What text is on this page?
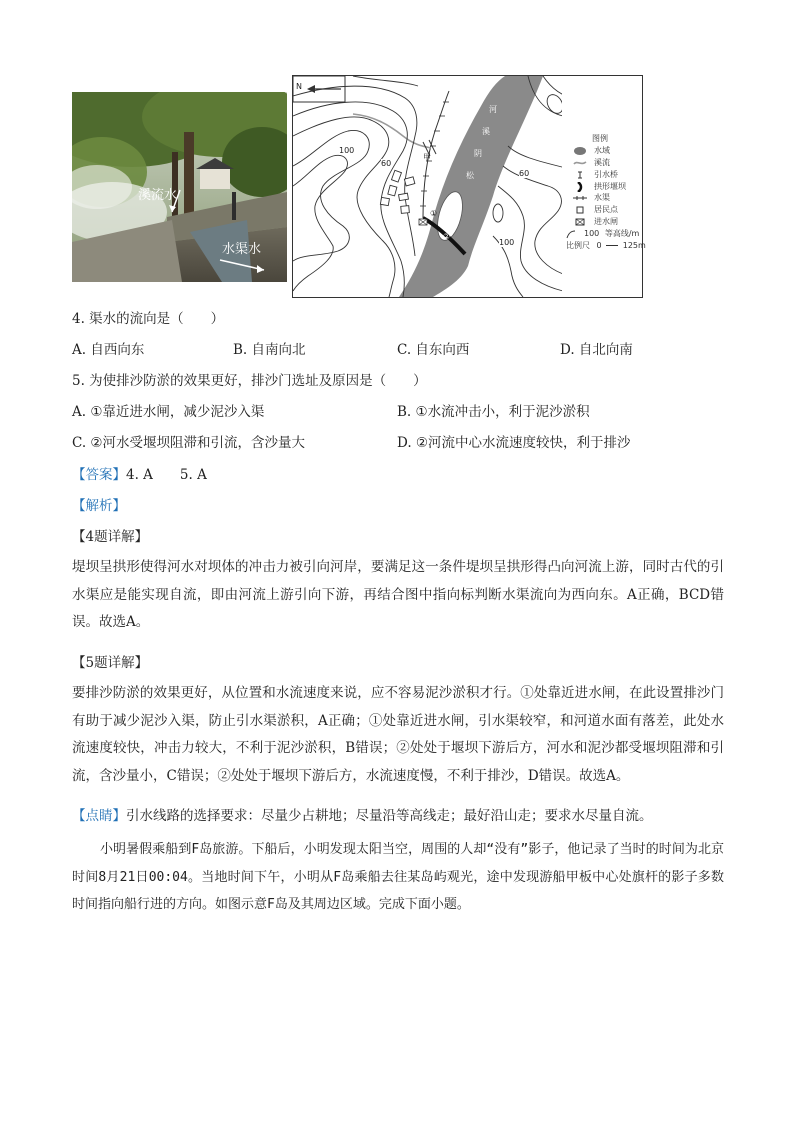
溪流水
水渠水
N
河
溪
阴
松
100
60
60
100
甲
①
②
图例
水域
溪流
引水桥
拱形堰坝
水渠
居民点
进水闸
100 等高线/m
比例尺 0	125m
4. 渠水的流向是（　　）
A. 自西向东	B. 自南向北	C. 自东向西	D. 自北向南
5. 为使排沙防淤的效果更好，排沙门选址及原因是（　　）
A. ①靠近进水闸，减少泥沙入渠	B. ①水流冲击小，利于泥沙淤积
C. ②河水受堰坝阻滞和引流，含沙量大	D. ②河流中心水流速度较快，利于排沙
【答案】4. A　　5. A
【解析】
【4题详解】
堤坝呈拱形使得河水对坝体的冲击力被引向河岸，要满足这一条件堤坝呈拱形得凸向河流上游，同时古代的引水渠应是能实现自流，即由河流上游引向下游，再结合图中指向标判断水渠流向为西向东。A正确，BCD错误。故选A。
【5题详解】
要排沙防淤的效果更好，从位置和水流速度来说，应不容易泥沙淤积才行。①处靠近进水闸，在此设置排沙门有助于减少泥沙入渠，防止引水渠淤积，A正确；①处靠近进水闸，引水渠较窄，和河道水面有落差，此处水流速度较快，冲击力较大，不利于泥沙淤积，B错误；②处处于堰坝下游后方，河水和泥沙都受堰坝阻滞和引流，含沙量小，C错误；②处处于堰坝下游后方，水流速度慢，不利于排沙，D错误。故选A。
【点睛】引水线路的选择要求：尽量少占耕地；尽量沿等高线走；最好沿山走；要求水尽量自流。
小明暑假乘船到F岛旅游。下船后，小明发现太阳当空，周围的人却“没有”影子，他记录了当时的时间为北京时间8月21日00:04。当地时间下午，小明从F岛乘船去往某岛屿观光，途中发现游船甲板中心处旗杆的影子多数时间指向船行进的方向。如图示意F岛及其周边区域。完成下面小题。
